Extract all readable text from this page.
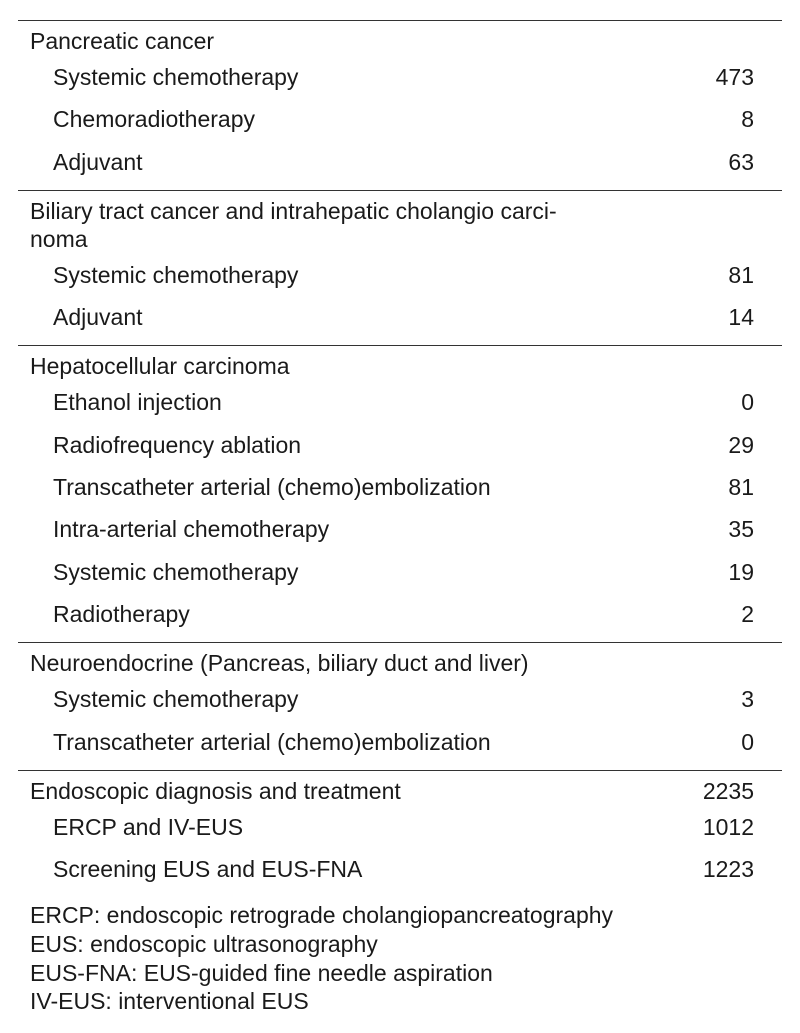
Pancreatic cancer
Systemic chemotherapy	473
Chemoradiotherapy	8
Adjuvant	63
Biliary tract cancer and intrahepatic cholangio carci-
noma
Systemic chemotherapy	81
Adjuvant	14
Hepatocellular carcinoma
Ethanol injection	0
Radiofrequency ablation	29
Transcatheter arterial (chemo)embolization	81
Intra-arterial chemotherapy	35
Systemic chemotherapy	19
Radiotherapy	2
Neuroendocrine (Pancreas, biliary duct and liver)
Systemic chemotherapy	3
Transcatheter arterial (chemo)embolization	0
Endoscopic diagnosis and treatment	2235
ERCP and IV-EUS	1012
Screening EUS and EUS-FNA	1223
ERCP: endoscopic retrograde cholangiopancreatography
EUS: endoscopic ultrasonography
EUS-FNA: EUS-guided fine needle aspiration
IV-EUS: interventional EUS
